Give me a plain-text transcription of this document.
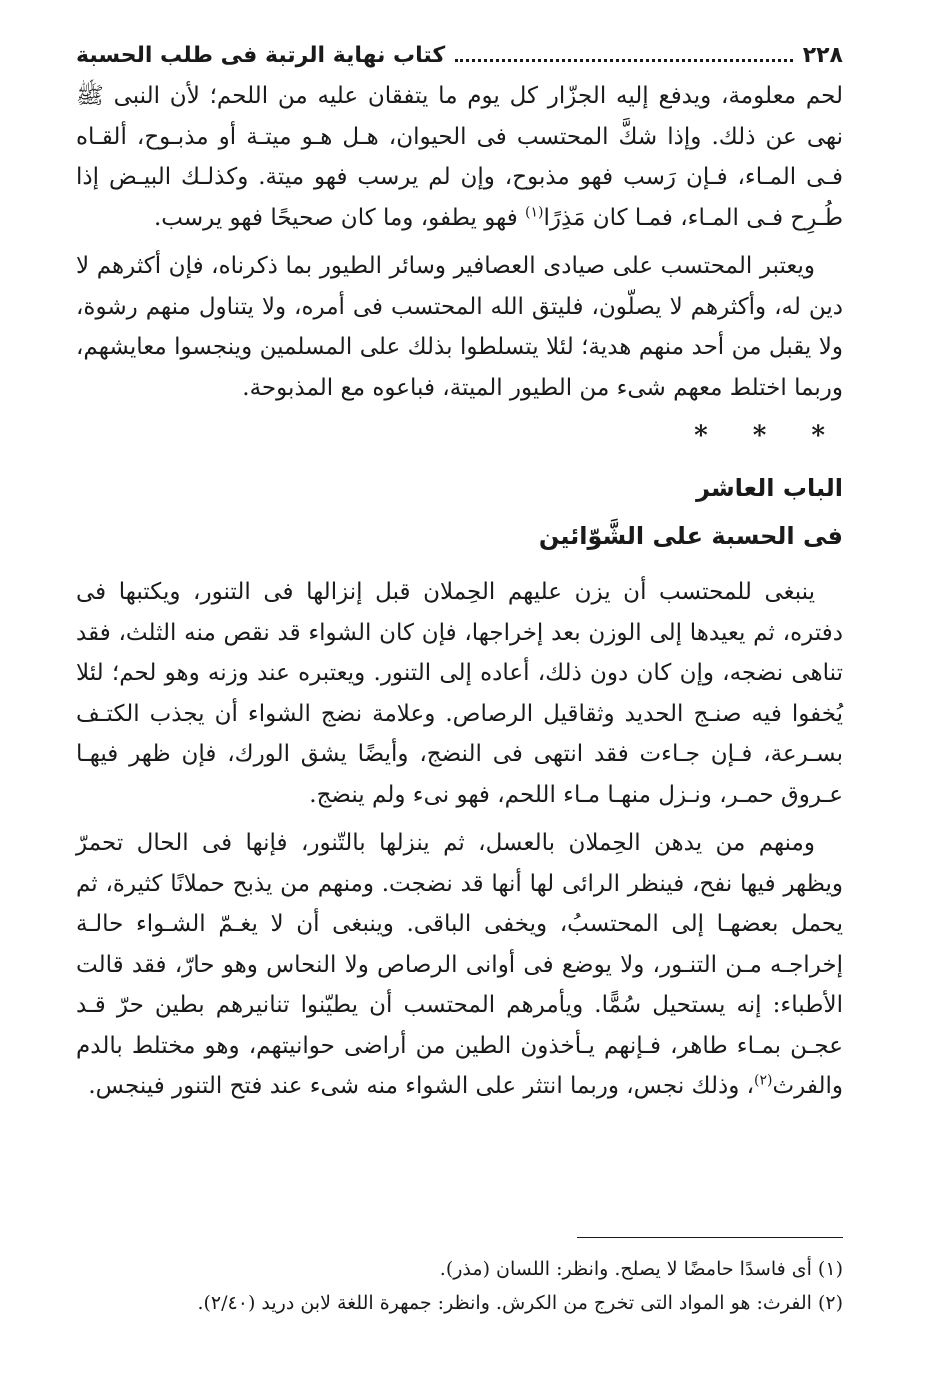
٢٢٨
كتاب نهاية الرتبة فى طلب الحسبة

لحم معلومة، ويدفع إليه الجزّار كل يوم ما يتفقان عليه من اللحم؛ لأن النبى ﷺ نهى عن ذلك. وإذا شكَّ المحتسب فى الحيوان، هـل هـو ميتـة أو مذبـوح، ألقـاه فـى المـاء، فـإن رَسب فهو مذبوح، وإن لم يرسب فهو ميتة. وكذلـك البيـض إذا طُـرِح فـى المـاء، فمـا كان مَذِرًا$^{(١)}$ فهو يطفو، وما كان صحيحًا فهو يرسب.

ويعتبر المحتسب على صيادى العصافير وسائر الطيور بما ذكرناه، فإن أكثرهم لا دين له، وأكثرهم لا يصلّون، فليتق الله المحتسب فى أمره، ولا يتناول منهم رشوة، ولا يقبل من أحد منهم هدية؛ لئلا يتسلطوا بذلك على المسلمين وينجسوا معايشهم، وربما اختلط معهم شىء من الطيور الميتة، فباعوه مع المذبوحة.

* * *
الباب العاشر
فى الحسبة على الشَّوّائين

ينبغى للمحتسب أن يزن عليهم الحِملان قبل إنزالها فى التنور، ويكتبها فى دفتره، ثم يعيدها إلى الوزن بعد إخراجها، فإن كان الشواء قد نقص منه الثلث، فقد تناهى نضجه، وإن كان دون ذلك، أعاده إلى التنور. ويعتبره عند وزنه وهو لحم؛ لئلا يُخفوا فيه صنـج الحديد وثقاقيل الرصاص. وعلامة نضج الشواء أن يجذب الكتـف بسـرعة، فـإن جـاءت فقد انتهى فى النضج، وأيضًا يشق الورك، فإن ظهر فيهـا عـروق حمـر، ونـزل منهـا مـاء اللحم، فهو نىء ولم ينضج.

ومنهم من يدهن الحِملان بالعسل، ثم ينزلها بالتّنور، فإنها فى الحال تحمرّ ويظهر فيها نفح، فينظر الرائى لها أنها قد نضجت. ومنهم من يذبح حملانًا كثيرة، ثم يحمل بعضهـا إلى المحتسبُ، ويخفى الباقى. وينبغى أن لا يغـمّ الشـواء حالـة إخراجـه مـن التنـور، ولا يوضع فى أوانى الرصاص ولا النحاس وهو حارّ، فقد قالت الأطباء: إنه يستحيل سُمًّا. ويأمرهم المحتسب أن يطيّنوا تنانيرهم بطين حرّ قـد عجـن بمـاء طاهر، فـإنهم يـأخذون الطين من أراضى حوانيتهم، وهو مختلط بالدم والفرث$^{(٢)}$، وذلك نجس، وربما انتثر على الشواء منه شىء عند فتح التنور فينجس.

(١) أى فاسدًا حامضًا لا يصلح. وانظر: اللسان (مذر).

(٢) الفرث: هو المواد التى تخرج من الكرش. وانظر: جمهرة اللغة لابن دريد (٢/٤٠).
